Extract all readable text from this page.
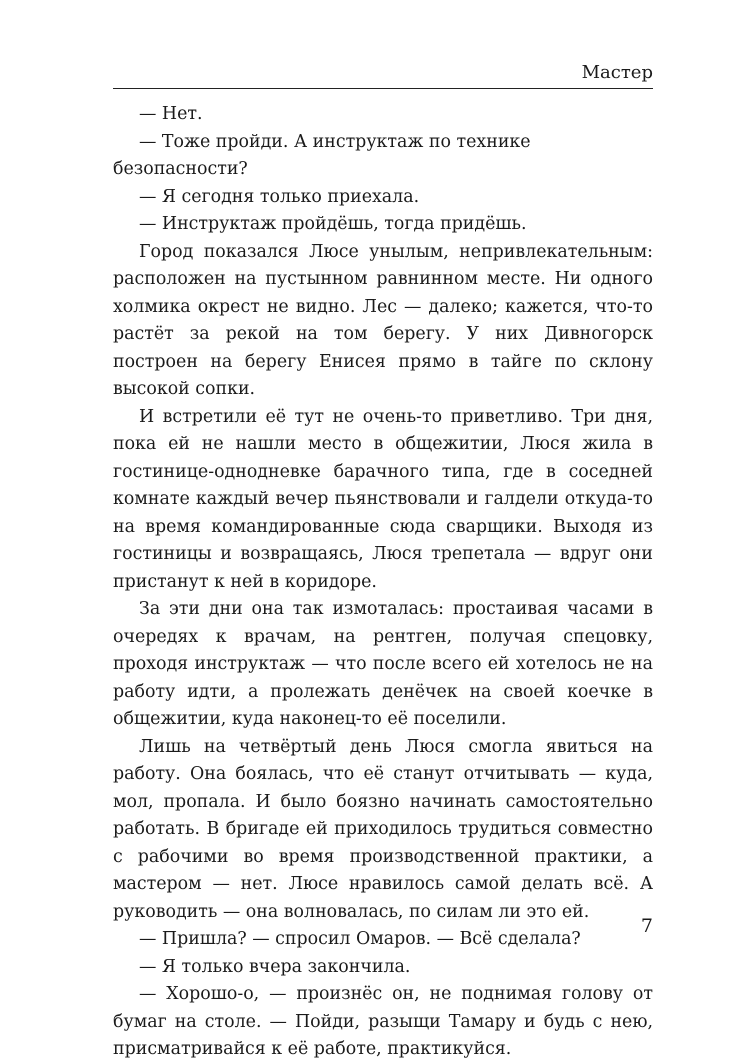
Мастер

— Нет.

— Тоже пройди. А инструктаж по технике безопасности?

— Я сегодня только приехала.

— Инструктаж пройдёшь, тогда придёшь.

Город показался Люсе унылым, непривлекательным: расположен на пустынном равнинном месте. Ни одного холмика окрест не видно. Лес — далеко; кажется, что-то растёт за рекой на том берегу. У них Дивногорск построен на берегу Енисея прямо в тайге по склону высокой сопки.

И встретили её тут не очень-то приветливо. Три дня, пока ей не нашли место в общежитии, Люся жила в гостинице-однодневке барачного типа, где в соседней комнате каждый вечер пьянствовали и галдели откуда-то на время командированные сюда сварщики. Выходя из гостиницы и возвращаясь, Люся трепетала — вдруг они пристанут к ней в коридоре.

За эти дни она так измоталась: простаивая часами в очередях к врачам, на рентген, получая спецовку, проходя инструктаж — что после всего ей хотелось не на работу идти, а пролежать денёчек на своей коечке в общежитии, куда наконец-то её поселили.

Лишь на четвёртый день Люся смогла явиться на работу. Она боялась, что её станут отчитывать — куда, мол, пропала. И было боязно начинать самостоятельно работать. В бригаде ей приходилось трудиться совместно с рабочими во время производственной практики, а мастером — нет. Люсе нравилось самой делать всё. А руководить — она волновалась, по силам ли это ей.

— Пришла? — спросил Омаров. — Всё сделала?

— Я только вчера закончила.

— Хорошо-о, — произнёс он, не поднимая голову от бумаг на столе. — Пойди, разыщи Тамару и будь с нею, присматривайся к её работе, практикуйся.

7
